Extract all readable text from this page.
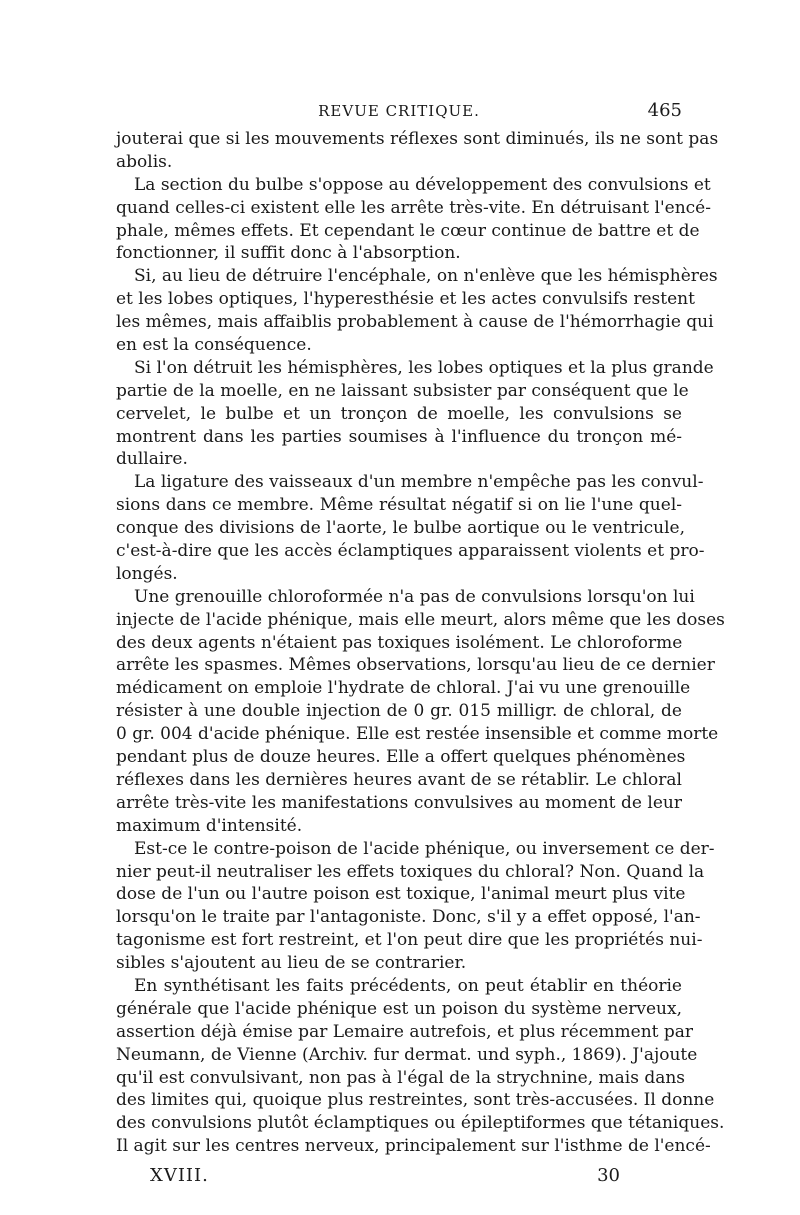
REVUE CRITIQUE.	465
jouterai que si les mouvements réflexes sont diminués, ils ne sont pas
abolis.
La section du bulbe s'oppose au développement des convulsions et
quand celles-ci existent elle les arrête très-vite. En détruisant l'encé-
phale, mêmes effets. Et cependant le cœur continue de battre et de
fonctionner, il suffit donc à l'absorption.
Si, au lieu de détruire l'encéphale, on n'enlève que les hémisphères
et les lobes optiques, l'hyperesthésie et les actes convulsifs restent
les mêmes, mais affaiblis probablement à cause de l'hémorrhagie qui
en est la conséquence.
Si l'on détruit les hémisphères, les lobes optiques et la plus grande
partie de la moelle, en ne laissant subsister par conséquent que le
cervelet, le bulbe et un tronçon de moelle, les convulsions se
montrent dans les parties soumises à l'influence du tronçon mé-
dullaire.
La ligature des vaisseaux d'un membre n'empêche pas les convul-
sions dans ce membre. Même résultat négatif si on lie l'une quel-
conque des divisions de l'aorte, le bulbe aortique ou le ventricule,
c'est-à-dire que les accès éclamptiques apparaissent violents et pro-
longés.
Une grenouille chloroformée n'a pas de convulsions lorsqu'on lui
injecte de l'acide phénique, mais elle meurt, alors même que les doses
des deux agents n'étaient pas toxiques isolément. Le chloroforme
arrête les spasmes. Mêmes observations, lorsqu'au lieu de ce dernier
médicament on emploie l'hydrate de chloral. J'ai vu une grenouille
résister à une double injection de 0 gr. 015 milligr. de chloral, de
0 gr. 004 d'acide phénique. Elle est restée insensible et comme morte
pendant plus de douze heures. Elle a offert quelques phénomènes
réflexes dans les dernières heures avant de se rétablir. Le chloral
arrête très-vite les manifestations convulsives au moment de leur
maximum d'intensité.
Est-ce le contre-poison de l'acide phénique, ou inversement ce der-
nier peut-il neutraliser les effets toxiques du chloral? Non. Quand la
dose de l'un ou l'autre poison est toxique, l'animal meurt plus vite
lorsqu'on le traite par l'antagoniste. Donc, s'il y a effet opposé, l'an-
tagonisme est fort restreint, et l'on peut dire que les propriétés nui-
sibles s'ajoutent au lieu de se contrarier.
En synthétisant les faits précédents, on peut établir en théorie
générale que l'acide phénique est un poison du système nerveux,
assertion déjà émise par Lemaire autrefois, et plus récemment par
Neumann, de Vienne (Archiv. fur dermat. und syph., 1869). J'ajoute
qu'il est convulsivant, non pas à l'égal de la strychnine, mais dans
des limites qui, quoique plus restreintes, sont très-accusées. Il donne
des convulsions plutôt éclamptiques ou épileptiformes que tétaniques.
Il agit sur les centres nerveux, principalement sur l'isthme de l'encé-
XVIII.	30
